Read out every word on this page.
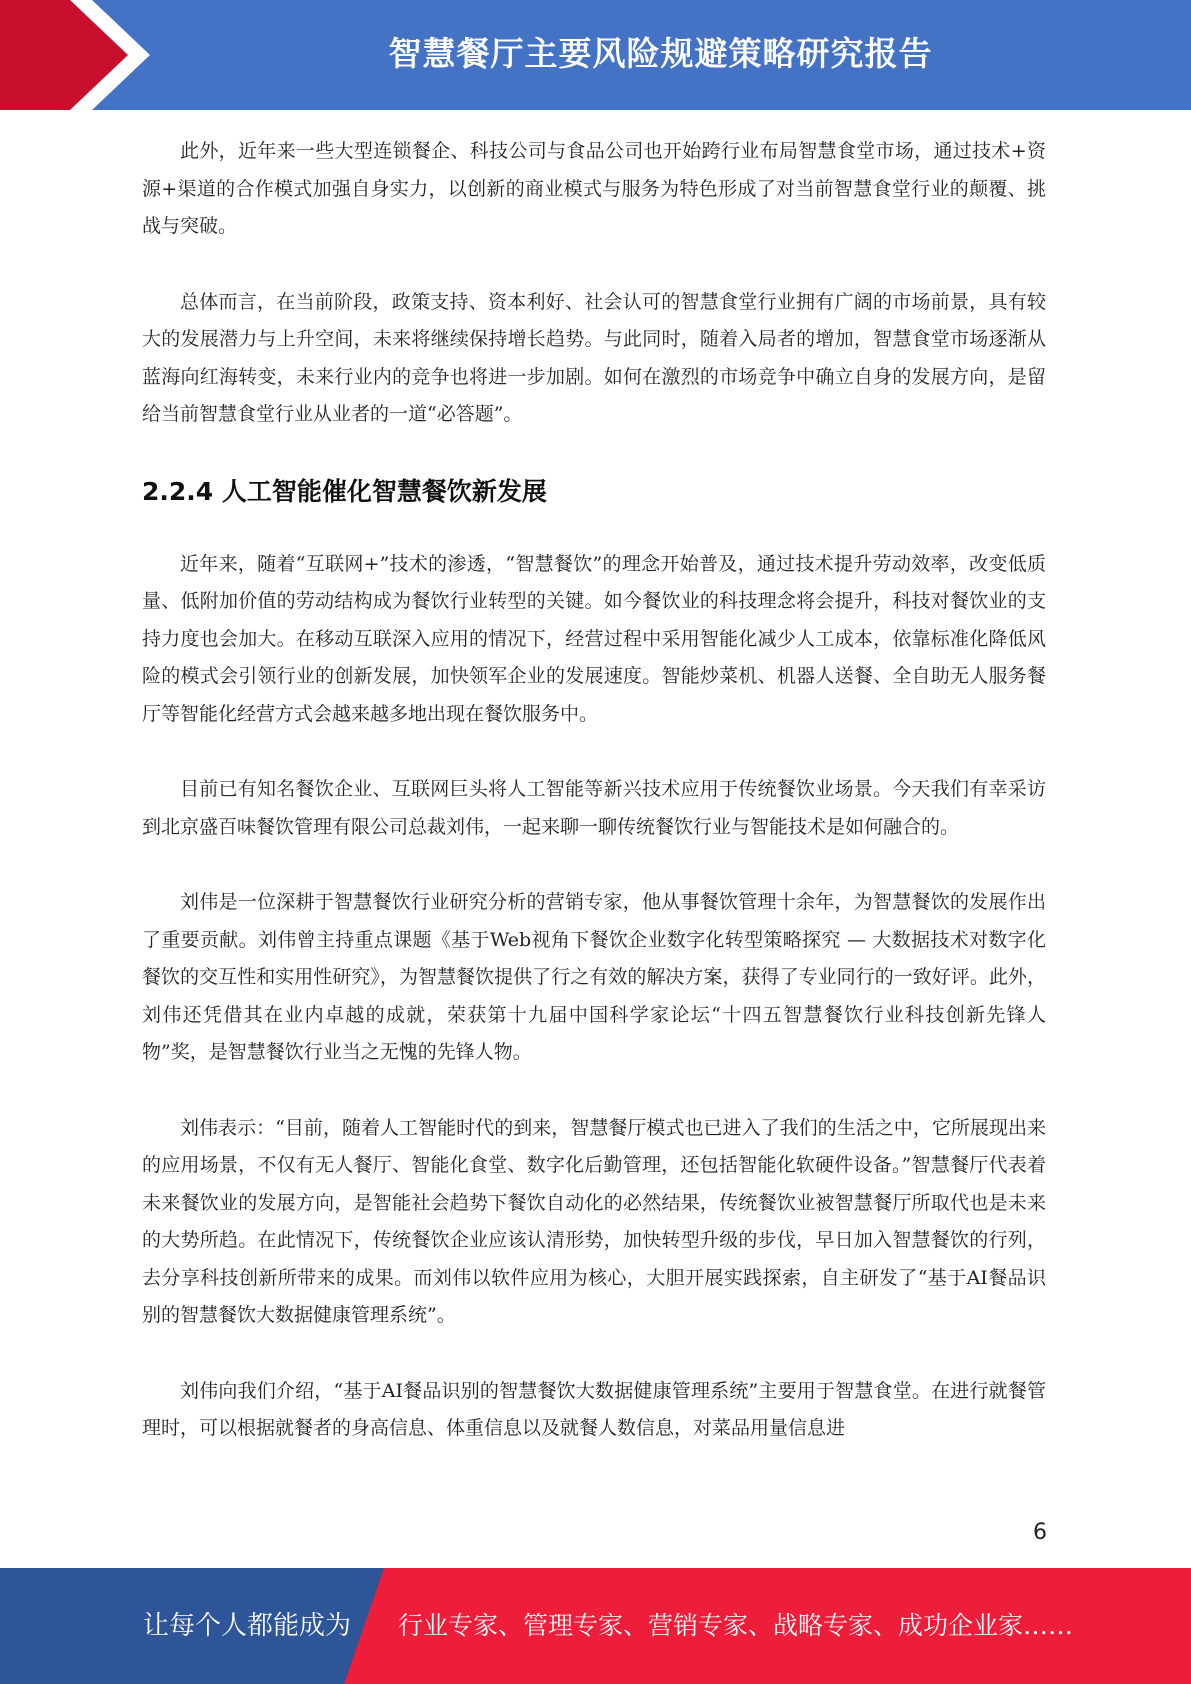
智慧餐厅主要风险规避策略研究报告

此外，近年来一些大型连锁餐企、科技公司与食品公司也开始跨行业布局智慧食堂市场，通过技术+资源+渠道的合作模式加强自身实力，以创新的商业模式与服务为特色形成了对当前智慧食堂行业的颠覆、挑战与突破。

总体而言，在当前阶段，政策支持、资本利好、社会认可的智慧食堂行业拥有广阔的市场前景，具有较大的发展潜力与上升空间，未来将继续保持增长趋势。与此同时，随着入局者的增加，智慧食堂市场逐渐从蓝海向红海转变，未来行业内的竞争也将进一步加剧。如何在激烈的市场竞争中确立自身的发展方向，是留给当前智慧食堂行业从业者的一道“必答题”。

2.2.4 人工智能催化智慧餐饮新发展

近年来，随着“互联网+”技术的渗透，“智慧餐饮”的理念开始普及，通过技术提升劳动效率，改变低质量、低附加价值的劳动结构成为餐饮行业转型的关键。如今餐饮业的科技理念将会提升，科技对餐饮业的支持力度也会加大。在移动互联深入应用的情况下，经营过程中采用智能化减少人工成本，依靠标准化降低风险的模式会引领行业的创新发展，加快领军企业的发展速度。智能炒菜机、机器人送餐、全自助无人服务餐厅等智能化经营方式会越来越多地出现在餐饮服务中。

目前已有知名餐饮企业、互联网巨头将人工智能等新兴技术应用于传统餐饮业场景。今天我们有幸采访到北京盛百味餐饮管理有限公司总裁刘伟，一起来聊一聊传统餐饮行业与智能技术是如何融合的。

刘伟是一位深耕于智慧餐饮行业研究分析的营销专家，他从事餐饮管理十余年，为智慧餐饮的发展作出了重要贡献。刘伟曾主持重点课题《基于Web视角下餐饮企业数字化转型策略探究 — 大数据技术对数字化餐饮的交互性和实用性研究》，为智慧餐饮提供了行之有效的解决方案，获得了专业同行的一致好评。此外，刘伟还凭借其在业内卓越的成就，荣获第十九届中国科学家论坛“十四五智慧餐饮行业科技创新先锋人物”奖，是智慧餐饮行业当之无愧的先锋人物。

刘伟表示：“目前，随着人工智能时代的到来，智慧餐厅模式也已进入了我们的生活之中，它所展现出来的应用场景，不仅有无人餐厅、智能化食堂、数字化后勤管理，还包括智能化软硬件设备。”智慧餐厅代表着未来餐饮业的发展方向，是智能社会趋势下餐饮自动化的必然结果，传统餐饮业被智慧餐厅所取代也是未来的大势所趋。在此情况下，传统餐饮企业应该认清形势，加快转型升级的步伐，早日加入智慧餐饮的行列，去分享科技创新所带来的成果。而刘伟以软件应用为核心，大胆开展实践探索，自主研发了“基于AI餐品识别的智慧餐饮大数据健康管理系统”。

刘伟向我们介绍，“基于AI餐品识别的智慧餐饮大数据健康管理系统”主要用于智慧食堂。在进行就餐管理时，可以根据就餐者的身高信息、体重信息以及就餐人数信息，对菜品用量信息进

6
让每个人都能成为 行业专家、管理专家、营销专家、战略专家、成功企业家……
